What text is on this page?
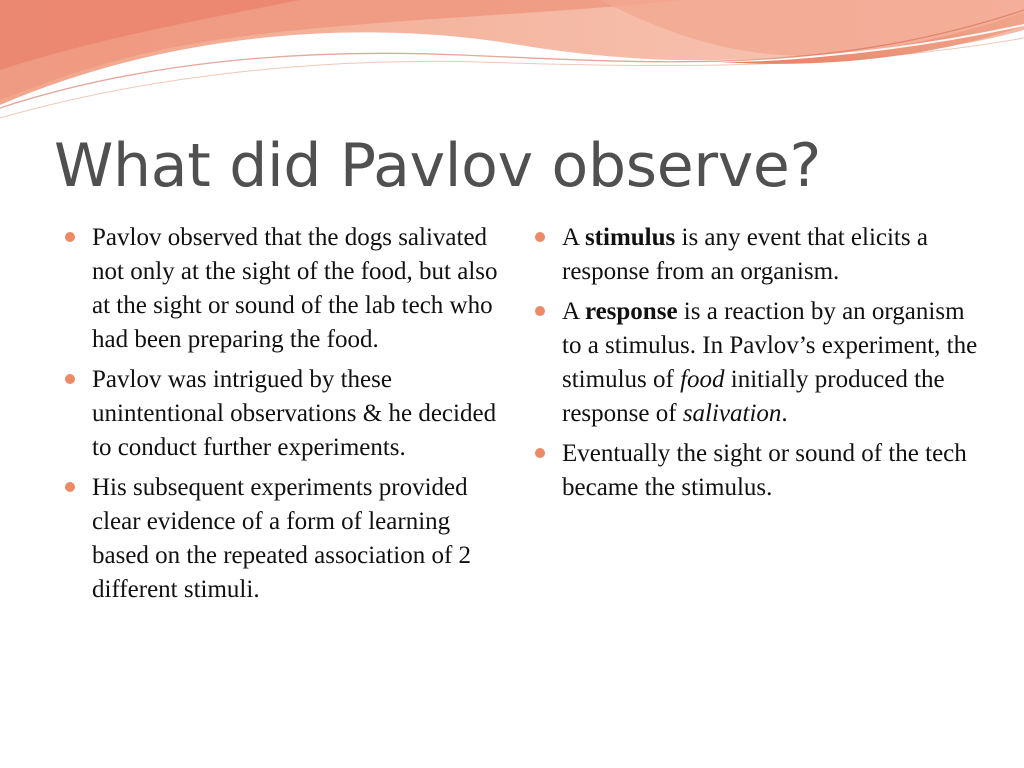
What did Pavlov observe?
Pavlov observed that the dogs salivated not only at the sight of the food, but also at the sight or sound of the lab tech who had been preparing the food.
Pavlov was intrigued by these unintentional observations & he decided to conduct further experiments.
His subsequent experiments provided clear evidence of a form of learning based on the repeated association of 2 different stimuli.
A stimulus is any event that elicits a response from an organism.
A response is a reaction by an organism to a stimulus. In Pavlov’s experiment, the stimulus of food initially produced the response of salivation.
Eventually the sight or sound of the tech became the stimulus.
